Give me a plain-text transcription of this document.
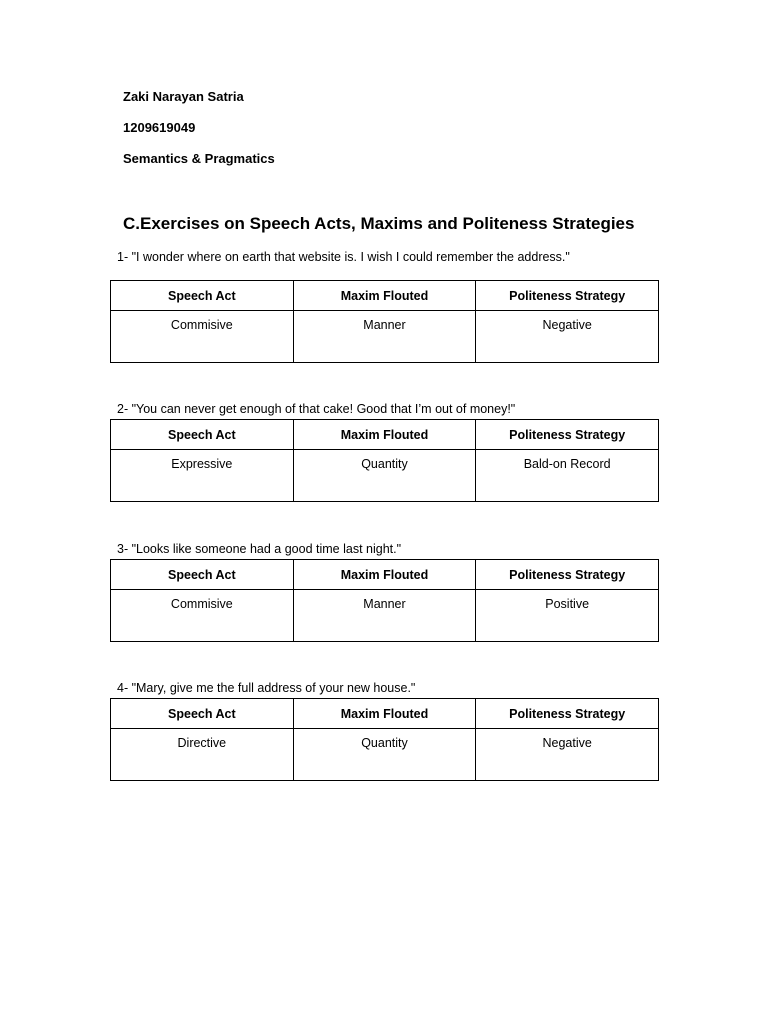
Zaki Narayan Satria
1209619049
Semantics & Pragmatics
C.Exercises on Speech Acts, Maxims and Politeness Strategies
1- "I wonder where on earth that website is. I wish I could remember the address."
Speech Act	Maxim Flouted	Politeness Strategy
Commisive	Manner	Negative
2- "You can never get enough of that cake! Good that I’m out of money!"
Speech Act	Maxim Flouted	Politeness Strategy
Expressive	Quantity	Bald-on Record
3- "Looks like someone had a good time last night."
Speech Act	Maxim Flouted	Politeness Strategy
Commisive	Manner	Positive
4- "Mary, give me the full address of your new house."
Speech Act	Maxim Flouted	Politeness Strategy
Directive	Quantity	Negative
